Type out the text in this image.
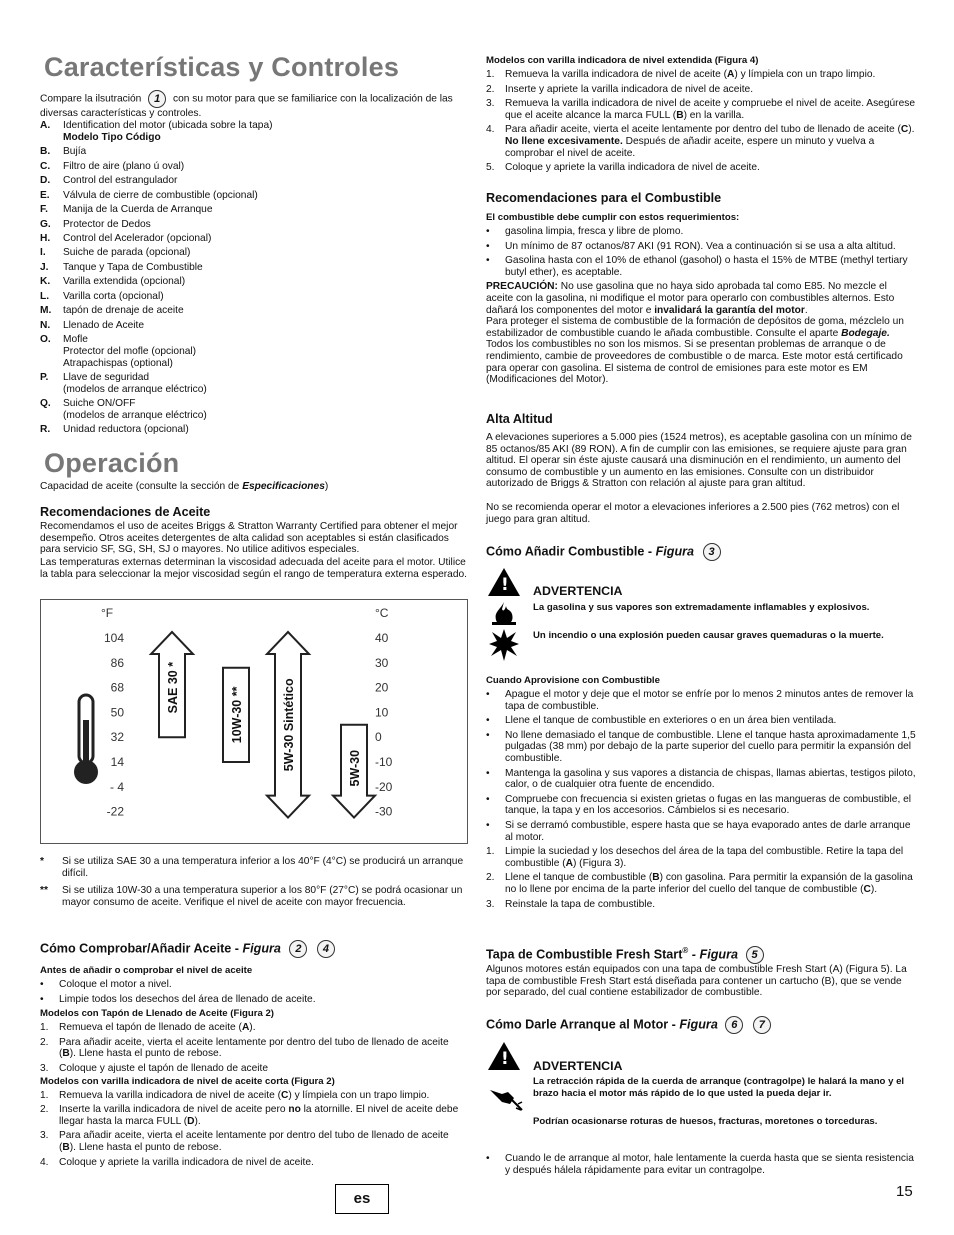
Características y Controles
Compare la ilsutración 1 con su motor para que se familiarice con la localización de las diversas características y controles.
A.	Identification del motor (ubicada sobre la tapa)
Modelo Tipo Código
B.	Bujía
C.	Filtro de aire (plano ú oval)
D.	Control del estrangulador
E.	Válvula de cierre de combustible (opcional)
F.	Manija de la Cuerda de Arranque
G.	Protector de Dedos
H.	Control del Acelerador (opcional)
I.	Suiche de parada (opcional)
J.	Tanque y Tapa de Combustible
K.	Varilla extendida (opcional)
L.	Varilla corta (opcional)
M.	tapón de drenaje de aceite
N.	Llenado de Aceite
O.	Mofle
Protector del mofle (opcional)
Atrapachispas (optional)
P.	Llave de seguridad
(modelos de arranque eléctrico)
Q.	Suiche ON/OFF
(modelos de arranque eléctrico)
R.	Unidad reductora (opcional)
Operación
Capacidad de aceite (consulte la sección de Especificaciones)
Recomendaciones de Aceite
Recomendamos el uso de aceites Briggs & Stratton Warranty Certified para obtener el mejor desempeño. Otros aceites detergentes de alta calidad son aceptables si están clasificados para servicio SF, SG, SH, SJ o mayores. No utilice aditivos especiales.
Las temperaturas externas determinan la viscosidad adecuada del aceite para el motor. Utilice la tabla para seleccionar la mejor viscosidad según el rango de temperatura externa esperado.
°F	°C
104
86
68
50
32
14
- 4
-22
40
30
20
10
0
-10
-20
-30
SAE 30 *	10W-30 **	5W-30 Sintético	5W-30
*	Si se utiliza SAE 30 a una temperatura inferior a los 40°F (4°C) se producirá un arranque difícil.
**	Si se utiliza 10W-30 a una temperatura superior a los 80°F (27°C) se podrá ocasionar un mayor consumo de aceite. Verifique el nivel de aceite con mayor frecuencia.
Cómo Comprobar/Añadir Aceite - Figura 2 4
Antes de añadir o comprobar el nivel de aceite
•	Coloque el motor a nivel.
•	Limpie todos los desechos del área de llenado de aceite.
Modelos con Tapón de Llenado de Aceite (Figura 2)
1.	Remueva el tapón de llenado de aceite (A).
2.	Para añadir aceite, vierta el aceite lentamente por dentro del tubo de llenado de aceite (B). Llene hasta el punto de rebose.
3.	Coloque y ajuste el tapón de llenado de aceite
Modelos con varilla indicadora de nivel de aceite corta (Figura 2)
1.	Remueva la varilla indicadora de nivel de aceite (C) y límpiela con un trapo limpio.
2.	Inserte la varilla indicadora de nivel de aceite pero no la atornille. El nivel de aceite debe llegar hasta la marca FULL (D).
3.	Para añadir aceite, vierta el aceite lentamente por dentro del tubo de llenado de aceite (B). Llene hasta el punto de rebose.
4.	Coloque y apriete la varilla indicadora de nivel de aceite.
Modelos con varilla indicadora de nivel extendida (Figura 4)
1.	Remueva la varilla indicadora de nivel de aceite (A) y límpiela con un trapo limpio.
2.	Inserte y apriete la varilla indicadora de nivel de aceite.
3.	Remueva la varilla indicadora de nivel de aceite y compruebe el nivel de aceite. Asegúrese que el aceite alcance la marca FULL (B) en la varilla.
4.	Para añadir aceite, vierta el aceite lentamente por dentro del tubo de llenado de aceite (C). No llene excesivamente. Después de añadir aceite, espere un minuto y vuelva a comprobar el nivel de aceite.
5.	Coloque y apriete la varilla indicadora de nivel de aceite.
Recomendaciones para el Combustible
El combustible debe cumplir con estos requerimientos:
•	gasolina limpia, fresca y libre de plomo.
•	Un mínimo de 87 octanos/87 AKI (91 RON). Vea a continuación si se usa a alta altitud.
•	Gasolina hasta con el 10% de ethanol (gasohol) o hasta el 15% de MTBE (methyl tertiary butyl ether), es aceptable.

PRECAUCIÓN: No use gasolina que no haya sido aprobada tal como E85. No mezcle el aceite con la gasolina, ni modifique el motor para operarlo con combustibles alternos. Esto dañará los componentes del motor e invalidará la garantía del motor.

Para proteger el sistema de combustible de la formación de depósitos de goma, mézclelo un estabilizador de combustible cuando le añada combustible. Consulte el aparte Bodegaje. Todos los combustibles no son los mismos. Si se presentan problemas de arranque o de rendimiento, cambie de proveedores de combustible o de marca. Este motor está certificado para operar con gasolina. El sistema de control de emisiones para este motor es EM (Modificaciones del Motor).

Alta Altitud
A elevaciones superiores a 5.000 pies (1524 metros), es aceptable gasolina con un mínimo de 85 octanos/85 AKI (89 RON). A fin de cumplir con las emisiones, se requiere ajuste para gran altitud. El operar sin éste ajuste causará una disminución en el rendimiento, un aumento del consumo de combustible y un aumento en las emisiones. Consulte con un distribuidor autorizado de Briggs & Stratton con relación al ajuste para gran altitud.
No se recomienda operar el motor a elevaciones inferiores a 2.500 pies (762 metros) con el juego para gran altitud.
Cómo Añadir Combustible - Figura 3
! ADVERTENCIA
La gasolina y sus vapores son extremadamente inflamables y explosivos.
Un incendio o una explosión pueden causar graves quemaduras o la muerte.
Cuando Aprovisione con Combustible
•	Apague el motor y deje que el motor se enfríe por lo menos 2 minutos antes de remover la tapa de combustible.
•	Llene el tanque de combustible en exteriores o en un área bien ventilada.
•	No llene demasiado el tanque de combustible. Llene el tanque hasta aproximadamente 1,5 pulgadas (38 mm) por debajo de la parte superior del cuello para permitir la expansión del combustible.
•	Mantenga la gasolina y sus vapores a distancia de chispas, llamas abiertas, testigos piloto, calor, o de cualquier otra fuente de encendido.
•	Compruebe con frecuencia si existen grietas o fugas en las mangueras de combustible, el tanque, la tapa y en los accesorios. Cámbielos si es necesario.
•	Si se derramó combustible, espere hasta que se haya evaporado antes de darle arranque al motor.
1.	Limpie la suciedad y los desechos del área de la tapa del combustible. Retire la tapa del combustible (A) (Figura 3).
2.	Llene el tanque de combustible (B) con gasolina. Para permitir la expansión de la gasolina no lo llene por encima de la parte inferior del cuello del tanque de combustible (C).
3.	Reinstale la tapa de combustible.
Tapa de Combustible Fresh Start® - Figura 5
Algunos motores están equipados con una tapa de combustible Fresh Start (A) (Figura 5). La tapa de combustible Fresh Start está diseñada para contener un cartucho (B), que se vende por separado, del cual contiene estabilizador de combustible.
Cómo Darle Arranque al Motor - Figura 6 7
! ADVERTENCIA
La retracción rápida de la cuerda de arranque (contragolpe) le halará la mano y el brazo hacia el motor más rápido de lo que usted la pueda dejar ir.
Podrían ocasionarse roturas de huesos, fracturas, moretones o torceduras.
•	Cuando le de arranque al motor, hale lentamente la cuerda hasta que se sienta resistencia y después hálela rápidamente para evitar un contragolpe.
es	15
